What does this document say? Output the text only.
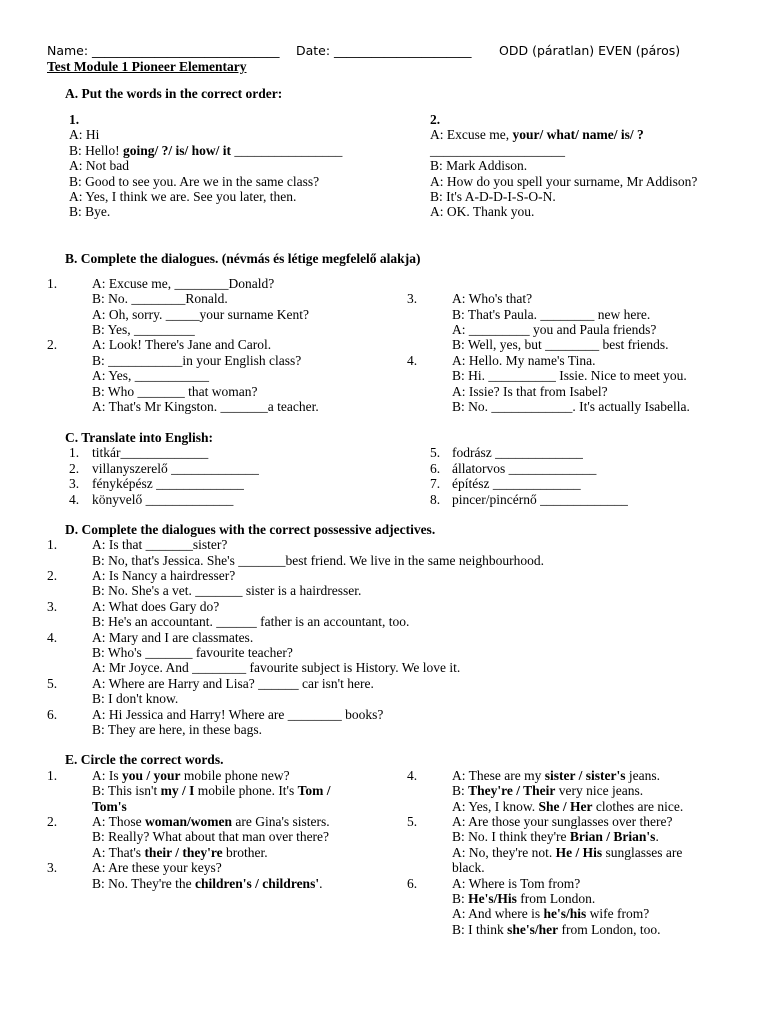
Name: ______________________________ Date: ______________________ ODD (páratlan) EVEN (páros)
Test Module 1 Pioneer Elementary
A. Put the words in the correct order:
1.
A: Hi
B: Hello! going/ ?/ is/ how/ it ________________
A: Not bad
B: Good to see you. Are we in the same class?
A: Yes, I think we are. See you later, then.
B: Bye.
2.
A: Excuse me, your/ what/ name/ is/ ?
____________________
B: Mark Addison.
A: How do you spell your surname, Mr Addison?
B: It's A-D-D-I-S-O-N.
A: OK. Thank you.
B. Complete the dialogues. (névmás és létige megfelelő alakja)
1.	A: Excuse me, ________Donald?
B: No. ________Ronald.
A: Oh, sorry. _____your surname Kent?
B: Yes, _________
2.	A: Look! There's Jane and Carol.
B: ___________in your English class?
A: Yes, ___________
B: Who _______ that woman?
A: That's Mr Kingston. _______a teacher.
3.	A: Who's that?
B: That's Paula. ________ new here.
A: _________ you and Paula friends?
B: Well, yes, but ________ best friends.
4.	A: Hello. My name's Tina.
B: Hi. __________ Issie. Nice to meet you.
A: Issie? Is that from Isabel?
B: No. ____________. It's actually Isabella.
C. Translate into English:
1. titkár_____________
2. villanyszerelő _____________
3. fényképész _____________
4. könyvelő _____________
5. fodrász _____________
6. állatorvos _____________
7. építész _____________
8. pincer/pincérnő _____________
D. Complete the dialogues with the correct possessive adjectives.
1.
2.
3.
4.
5.
6.
A: Is that _______sister?
B: No, that's Jessica. She's _______best friend. We live in the same neighbourhood.
A: Is Nancy a hairdresser?
B: No. She's a vet. _______ sister is a hairdresser.
A: What does Gary do?
B: He's an accountant. ______ father is an accountant, too.
A: Mary and I are classmates.
B: Who's _______ favourite teacher?
A: Mr Joyce. And ________ favourite subject is History. We love it.
A: Where are Harry and Lisa? ______ car isn't here.
B: I don't know.
A: Hi Jessica and Harry! Where are ________ books?
B: They are here, in these bags.
E. Circle the correct words.
1.	A: Is you / your mobile phone new?
B: This isn't my / I mobile phone. It's Tom /
Tom's
2.	A: Those woman/women are Gina's sisters.
B: Really? What about that man over there?
A: That's their / they're brother.
3.	A: Are these your keys?
B: No. They're the children's / childrens'.
4.	A: These are my sister / sister's jeans.
B: They're / Their very nice jeans.
A: Yes, I know. She / Her clothes are nice.
5.	A: Are those your sunglasses over there?
B: No. I think they're Brian / Brian's.
A: No, they're not. He / His sunglasses are
black.
6.	A: Where is Tom from?
B: He's/His from London.
A: And where is he's/his wife from?
B: I think she's/her from London, too.
